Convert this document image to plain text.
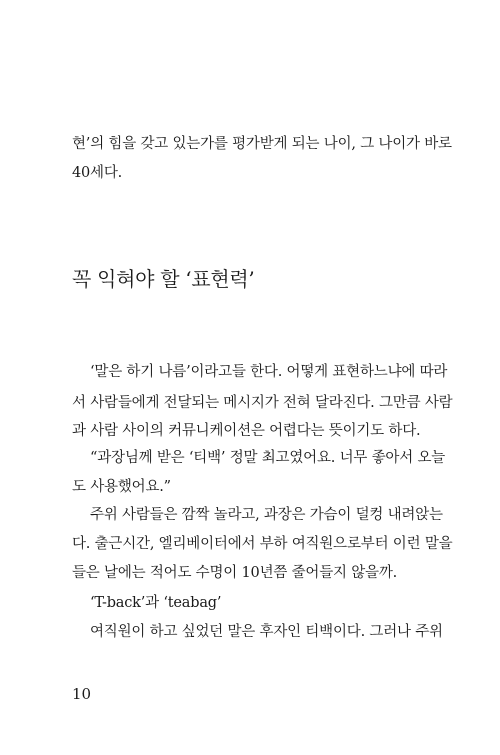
현’의 힘을 갖고 있는가를 평가받게 되는 나이, 그 나이가 바로
40세다.
꼭 익혀야 할 ‘표현력’
‘말은 하기 나름’이라고들 한다. 어떻게 표현하느냐에 따라
서 사람들에게 전달되는 메시지가 전혀 달라진다. 그만큼 사람
과 사람 사이의 커뮤니케이션은 어렵다는 뜻이기도 하다.
“과장님께 받은 ‘티백’ 정말 최고였어요. 너무 좋아서 오늘
도 사용했어요.”
주위 사람들은 깜짝 놀라고, 과장은 가슴이 덜컹 내려앉는
다. 출근시간, 엘리베이터에서 부하 여직원으로부터 이런 말을
들은 날에는 적어도 수명이 10년쯤 줄어들지 않을까.
‘T-back’과 ‘teabag’
여직원이 하고 싶었던 말은 후자인 티백이다. 그러나 주위
10
